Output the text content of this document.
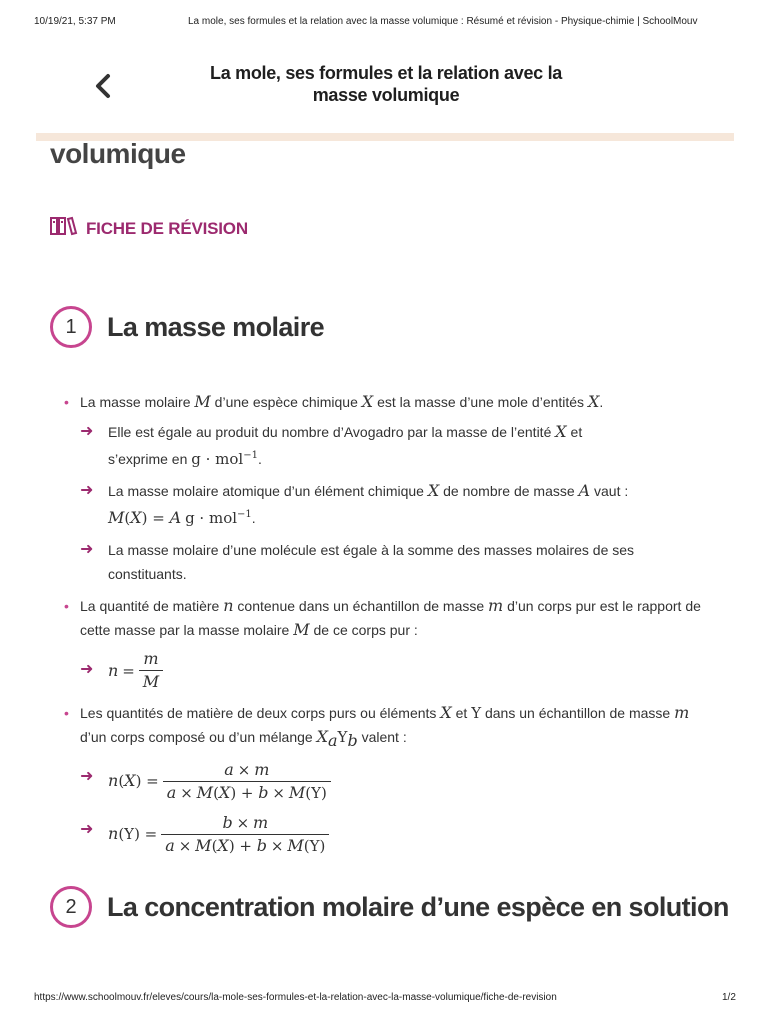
10/19/21, 5:37 PM	La mole, ses formules et la relation avec la masse volumique : Résumé et révision - Physique-chimie | SchoolMouv
La mole, ses formules et la relation avec la
masse volumique
volumique
FICHE DE RÉVISION
1	La masse molaire
• La masse molaire M d’une espèce chimique X est la masse d’une mole d’entités X.
➜ Elle est égale au produit du nombre d’Avogadro par la masse de l’entité X et
s’exprime en g · mol$^{-1}$.
➜ La masse molaire atomique d’un élément chimique X de nombre de masse A vaut :
M(X) = A g · mol$^{-1}$.
➜ La masse molaire d’une molécule est égale à la somme des masses molaires de ses constituants.
• La quantité de matière n contenue dans un échantillon de masse m d’un corps pur est le rapport de cette masse par la masse molaire M de ce corps pur :
➜ n
= $\frac{m}{M}$
• Les quantités de matière de deux corps purs ou éléments X et Y dans un échantillon de masse m d’un corps composé ou d’un mélange $X_aY_b$ valent :
➜ n ( X ) = $\frac{a \times m}{a \times M(X) + b \times M(Y)}$
➜ n $(Y) = \frac{b \times m}{a \times M(X) + b \times M(Y)}$
2	La concentration molaire d’une espèce en solution
https://www.schoolmouv.fr/eleves/cours/la-mole-ses-formules-et-la-relation-avec-la-masse-volumique/fiche-de-revision	1/2
